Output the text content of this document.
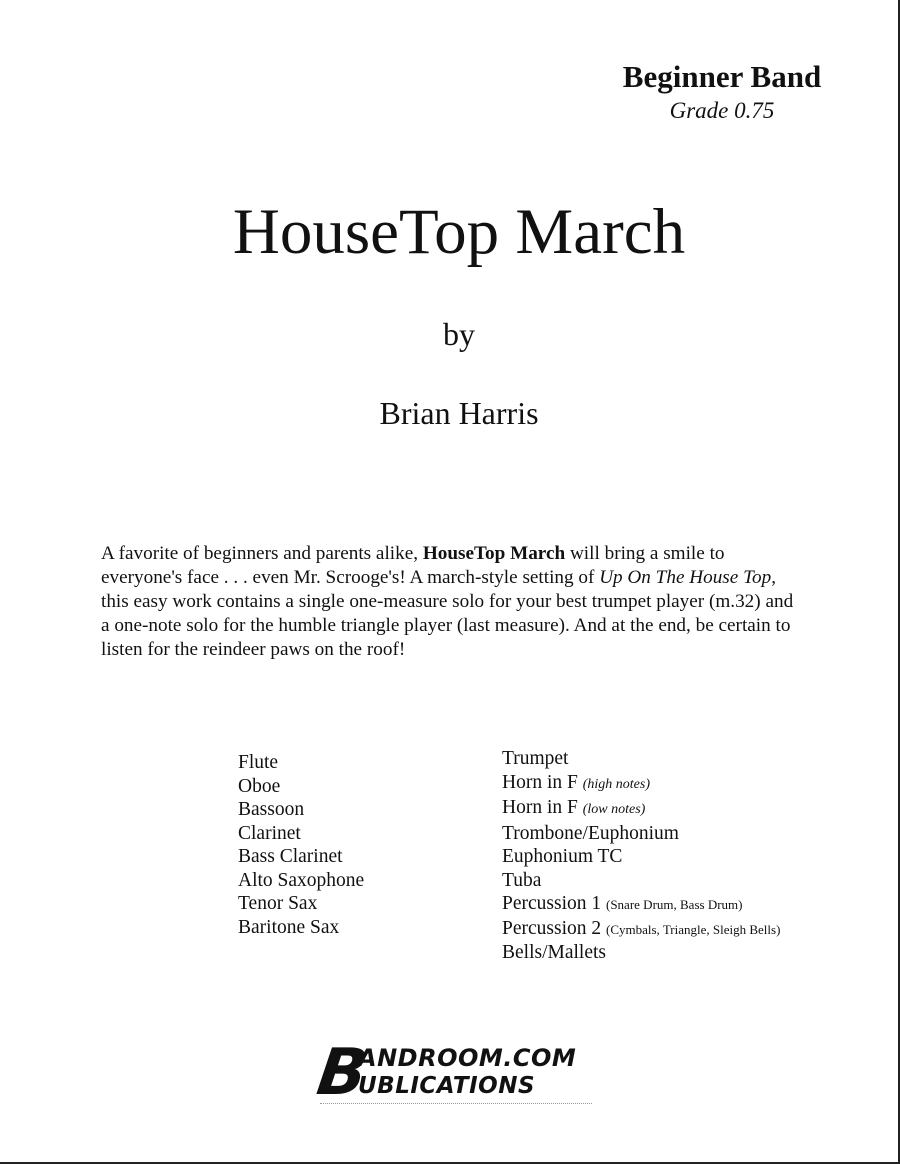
Beginner Band
Grade 0.75
HouseTop March
by
Brian Harris
A favorite of beginners and parents alike, HouseTop March will bring a smile to everyone's face . . . even Mr. Scrooge's! A march-style setting of Up On The House Top, this easy work contains a single one-measure solo for your best trumpet player (m.32) and a one-note solo for the humble triangle player (last measure). And at the end, be certain to listen for the reindeer paws on the roof!
Flute
Oboe
Bassoon
Clarinet
Bass Clarinet
Alto Saxophone
Tenor Sax
Baritone Sax
Trumpet
Horn in F (high notes)
Horn in F (low notes)
Trombone/Euphonium
Euphonium TC
Tuba
Percussion 1 (Snare Drum, Bass Drum)
Percussion 2 (Cymbals, Triangle, Sleigh Bells)
Bells/Mallets
B
ANDROOM.COM
UBLICATIONS
